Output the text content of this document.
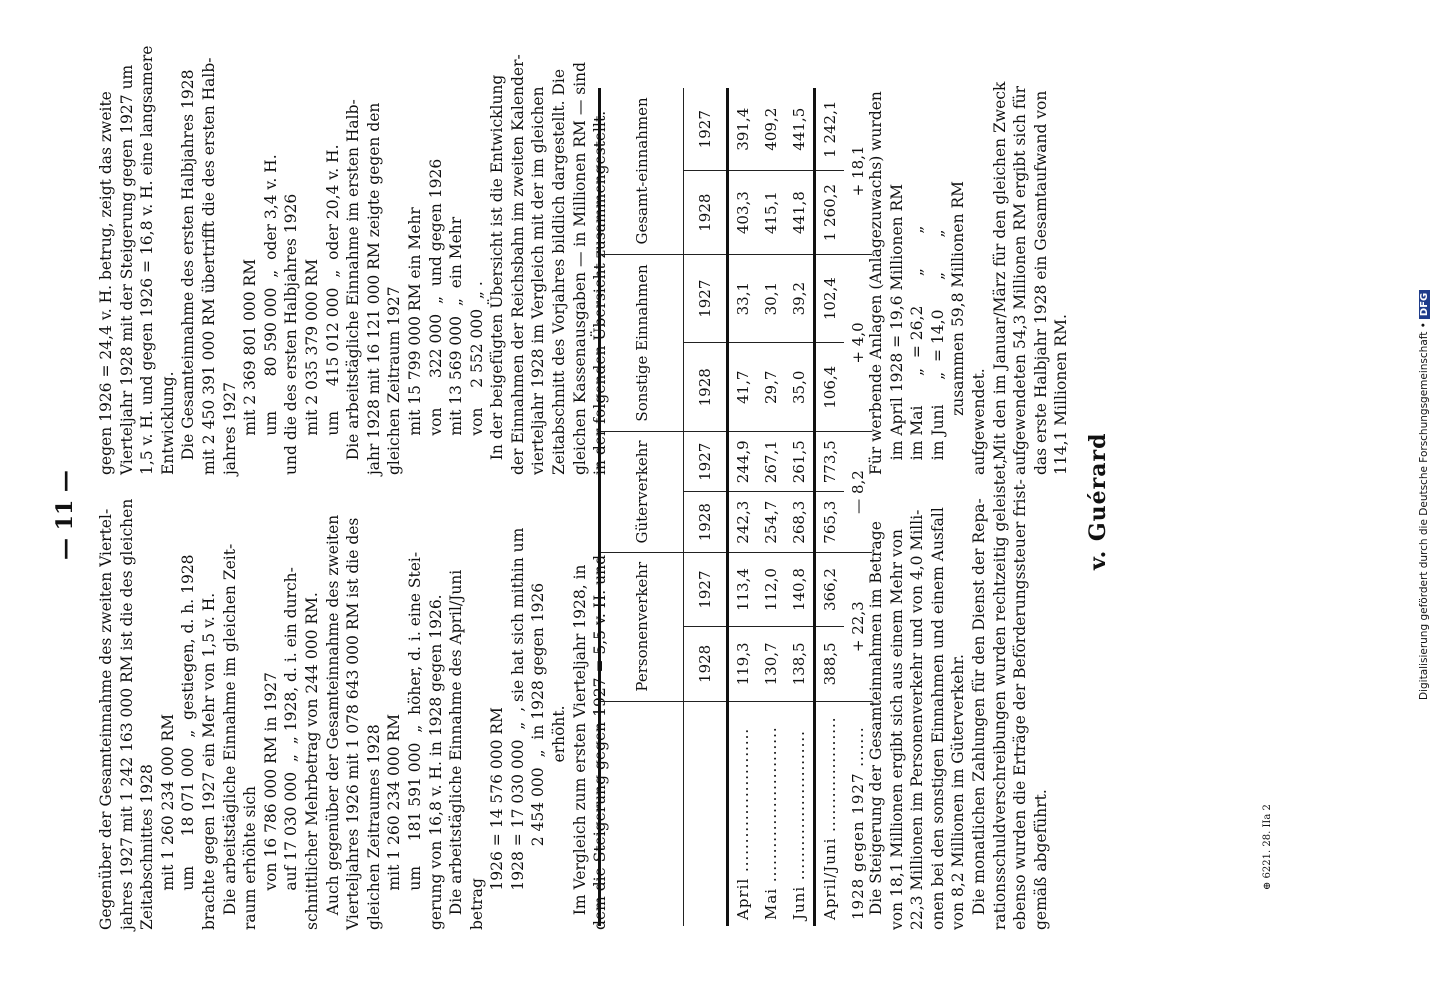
— 11 — Gegenüber der Gesamteinnahme des zweiten Viertel- jahres 1927 mit 1 242 163 000 RM ist die des gleichen Zeitabschnittes 1928 mit 1 260 234 000 RM um      18 071 000  „  gestiegen, d. h. 1928 brachte gegen 1927 ein Mehr von 1,5 v. H. Die arbeitstägliche Einnahme im gleichen Zeit- raum erhöhte sich von 16 786 000 RM in 1927 auf 17 030 000  „  „ 1928, d. i. ein durch- schnittlicher Mehrbetrag von 244 000 RM. Auch gegenüber der Gesamteinnahme des zweiten Vierteljahres 1926 mit 1 078 643 000 RM ist die des gleichen Zeitraumes 1928 mit 1 260 234 000 RM um     181 591 000  „  höher, d. i. eine Stei- gerung von 16,8 v. H. in 1928 gegen 1926. Die arbeitstägliche Einnahme des April/Juni betrag 1926 = 14 576 000 RM 1928 = 17 030 000  „  , sie hat sich mithin um 2 454 000  „  in 1928 gegen 1926 erhöht. Im Vergleich zum ersten Vierteljahr 1928, in dem die Steigerung gegen 1927 = 5,5 v. H. und

gegen 1926 = 24,4 v. H. betrug, zeigt das zweite Vierteljahr 1928 mit der Steigerung gegen 1927 um 1,5 v. H. und gegen 1926 = 16,8 v. H. eine langsamere Entwicklung. Die Gesamteinnahme des ersten Halbjahres 1928 mit 2 450 391 000 RM übertrifft die des ersten Halb- jahres 1927 mit 2 369 801 000 RM um       80 590 000  „  oder 3,4 v. H. und die des ersten Halbjahres 1926 mit 2 035 379 000 RM um     415 012 000  „  oder 20,4 v. H. Die arbeitstägliche Einnahme im ersten Halb- jahr 1928 mit 16 121 000 RM zeigte gegen den gleichen Zeitraum 1927 mit 15 799 000 RM ein Mehr von      322 000  „  und gegen 1926 mit 13 569 000  „  ein Mehr von    2 552 000  „ . In der beigefügten Übersicht ist die Entwicklung der Einnahmen der Reichsbahn im zweiten Kalender- vierteljahr 1928 im Vergleich mit der im gleichen Zeitabschnitt des Vorjahres bildlich dargestellt. Die gleichen Kassenausgaben — in Millionen RM — sind in der folgenden Übersicht zusammengestellt.

	Personenverkehr		Güterverkehr		Sonstige Einnahmen		Gesamt-einnahmen	
	1928	1927	1928	1927	1928	1927	1928	1927
April .........................	119,3	113,4	242,3	244,9	41,7	33,1	403,3	391,4
Mai ...........................	130,7	112,0	254,7	267,1	29,7	30,1	415,1	409,2
Juni ..........................	138,5	140,8	268,3	261,5	35,0	39,2	441,8	441,5
April/Juni ....................	388,5	366,2	765,3	773,5	106,4	102,4	1 260,2	1 242,1
1928 gegen 1927 .......	+ 22,3		— 8,2		+ 4,0		+ 18,1	

Die Steigerung der Gesamteinnahmen im Betrage von 18,1 Millionen ergibt sich aus einem Mehr von 22,3 Millionen im Personenverkehr und von 4,0 Milli- onen bei den sonstigen Einnahmen und einem Ausfall von 8,2 Millionen im Güterverkehr. Die monatlichen Zahlungen für den Dienst der Repa- rationsschuldverschreibungen wurden rechtzeitig geleistet, ebenso wurden die Erträge der Beförderungssteuer frist- gemäß abgeführt.

Für werbende Anlagen (Anlagezuwachs) wurden im April 1928 = 19,6 Millionen RM im Mai      „  = 26,2      „       „ im Juni     „  = 14,0      „       „ zusammen 59,8 Millionen RM aufgewendet. Mit den im Januar/März für den gleichen Zweck aufgewendeten 54,3 Millionen RM ergibt sich für das erste Halbjahr 1928 ein Gesamtaufwand von 114,1 Millionen RM.

v. Guérard
⊕ 6221. 28. IIa 2
Digitalisierung gefördert durch die Deutsche Forschungsgemeinschaft •DFG
